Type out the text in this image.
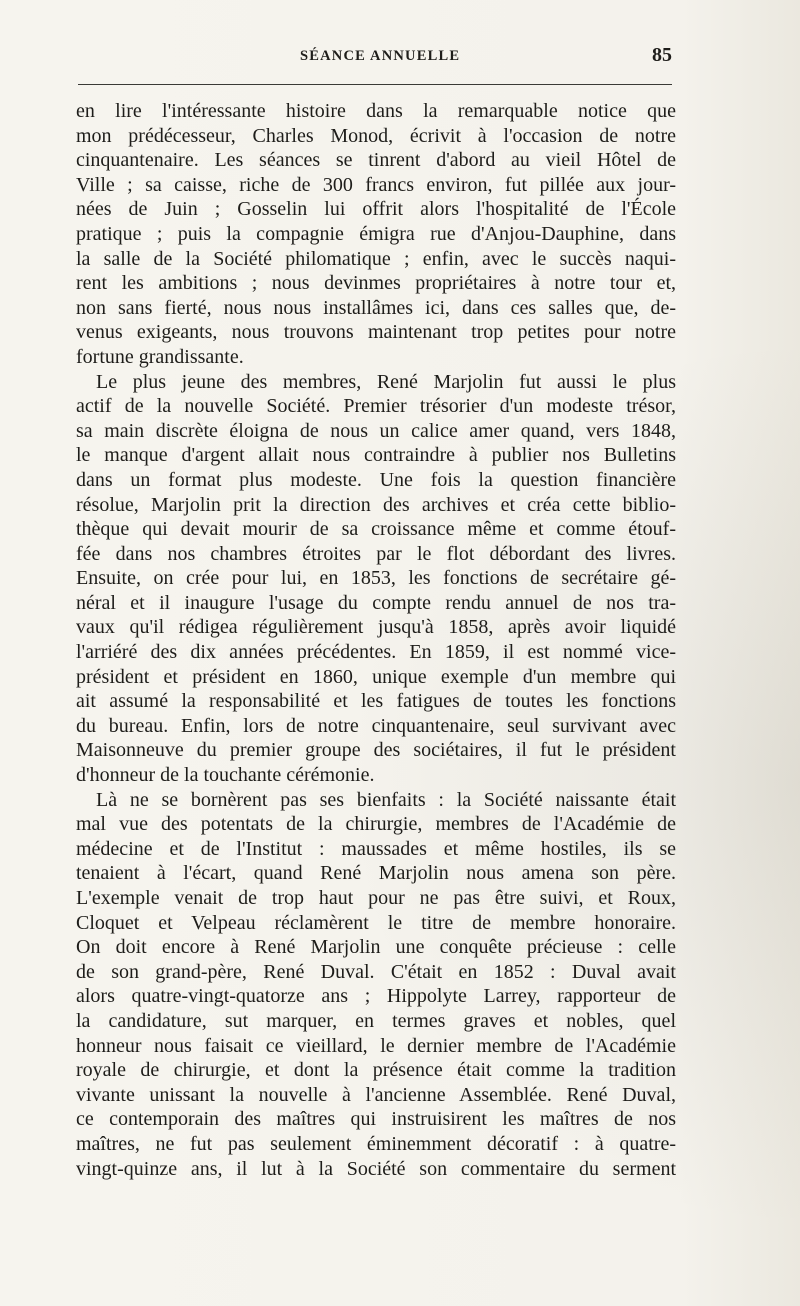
SÉANCE ANNUELLE	85
en lire l'intéressante histoire dans la remarquable notice que
mon prédécesseur, Charles Monod, écrivit à l'occasion de notre
cinquantenaire. Les séances se tinrent d'abord au vieil Hôtel de
Ville ; sa caisse, riche de 300 francs environ, fut pillée aux jour-
nées de Juin ; Gosselin lui offrit alors l'hospitalité de l'École
pratique ; puis la compagnie émigra rue d'Anjou-Dauphine, dans
la salle de la Société philomatique ; enfin, avec le succès naqui-
rent les ambitions ; nous devinmes propriétaires à notre tour et,
non sans fierté, nous nous installâmes ici, dans ces salles que, de-
venus exigeants, nous trouvons maintenant trop petites pour notre
fortune grandissante.
Le plus jeune des membres, René Marjolin fut aussi le plus
actif de la nouvelle Société. Premier trésorier d'un modeste trésor,
sa main discrète éloigna de nous un calice amer quand, vers 1848,
le manque d'argent allait nous contraindre à publier nos Bulletins
dans un format plus modeste. Une fois la question financière
résolue, Marjolin prit la direction des archives et créa cette biblio-
thèque qui devait mourir de sa croissance même et comme étouf-
fée dans nos chambres étroites par le flot débordant des livres.
Ensuite, on crée pour lui, en 1853, les fonctions de secrétaire gé-
néral et il inaugure l'usage du compte rendu annuel de nos tra-
vaux qu'il rédigea régulièrement jusqu'à 1858, après avoir liquidé
l'arriéré des dix années précédentes. En 1859, il est nommé vice-
président et président en 1860, unique exemple d'un membre qui
ait assumé la responsabilité et les fatigues de toutes les fonctions
du bureau. Enfin, lors de notre cinquantenaire, seul survivant avec
Maisonneuve du premier groupe des sociétaires, il fut le président
d'honneur de la touchante cérémonie.
Là ne se bornèrent pas ses bienfaits : la Société naissante était
mal vue des potentats de la chirurgie, membres de l'Académie de
médecine et de l'Institut : maussades et même hostiles, ils se
tenaient à l'écart, quand René Marjolin nous amena son père.
L'exemple venait de trop haut pour ne pas être suivi, et Roux,
Cloquet et Velpeau réclamèrent le titre de membre honoraire.
On doit encore à René Marjolin une conquête précieuse : celle
de son grand-père, René Duval. C'était en 1852 : Duval avait
alors quatre-vingt-quatorze ans ; Hippolyte Larrey, rapporteur de
la candidature, sut marquer, en termes graves et nobles, quel
honneur nous faisait ce vieillard, le dernier membre de l'Académie
royale de chirurgie, et dont la présence était comme la tradition
vivante unissant la nouvelle à l'ancienne Assemblée. René Duval,
ce contemporain des maîtres qui instruisirent les maîtres de nos
maîtres, ne fut pas seulement éminemment décoratif : à quatre-
vingt-quinze ans, il lut à la Société son commentaire du serment
